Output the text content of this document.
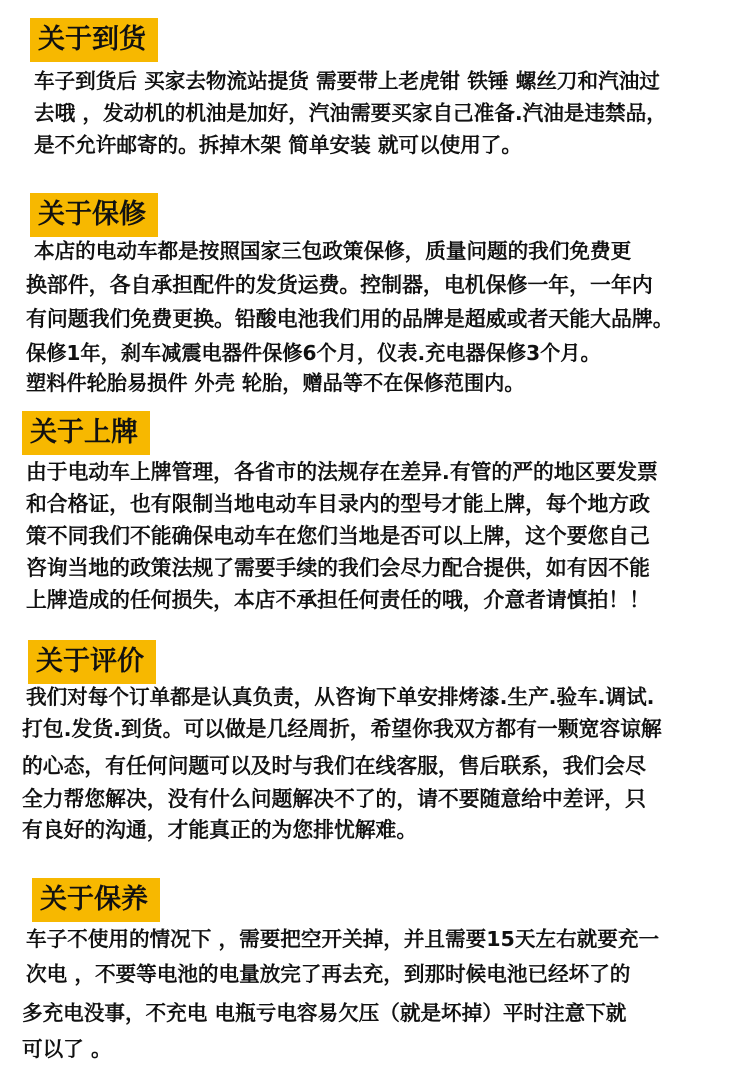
关于到货
车子到货后 买家去物流站提货 需要带上老虎钳 铁锤 螺丝刀和汽油过
去哦 ，发动机的机油是加好，汽油需要买家自己准备.汽油是违禁品，
是不允许邮寄的。拆掉木架 简单安装 就可以使用了。
关于保修
本店的电动车都是按照国家三包政策保修，质量问题的我们免费更
换部件，各自承担配件的发货运费。控制器，电机保修一年，一年内
有问题我们免费更换。铅酸电池我们用的品牌是超威或者天能大品牌。
保修1年，刹车减震电器件保修6个月，仪表.充电器保修3个月。
塑料件轮胎易损件 外壳 轮胎，赠品等不在保修范围内。
关于上牌
由于电动车上牌管理，各省市的法规存在差异.有管的严的地区要发票
和合格证，也有限制当地电动车目录内的型号才能上牌，每个地方政
策不同我们不能确保电动车在您们当地是否可以上牌，这个要您自己
咨询当地的政策法规了需要手续的我们会尽力配合提供，如有因不能
上牌造成的任何损失，本店不承担任何责任的哦，介意者请慎拍！！
关于评价
我们对每个订单都是认真负责，从咨询下单安排烤漆.生产.验车.调试.
打包.发货.到货。可以做是几经周折，希望你我双方都有一颗宽容谅解
的心态，有任何问题可以及时与我们在线客服，售后联系，我们会尽
全力帮您解决，没有什么问题解决不了的，请不要随意给中差评，只
有良好的沟通，才能真正的为您排忧解难。
关于保养
车子不使用的情况下 ，需要把空开关掉，并且需要15天左右就要充一
次电 ，不要等电池的电量放完了再去充，到那时候电池已经坏了的
多充电没事，不充电 电瓶亏电容易欠压（就是坏掉）平时注意下就
可以了 。
